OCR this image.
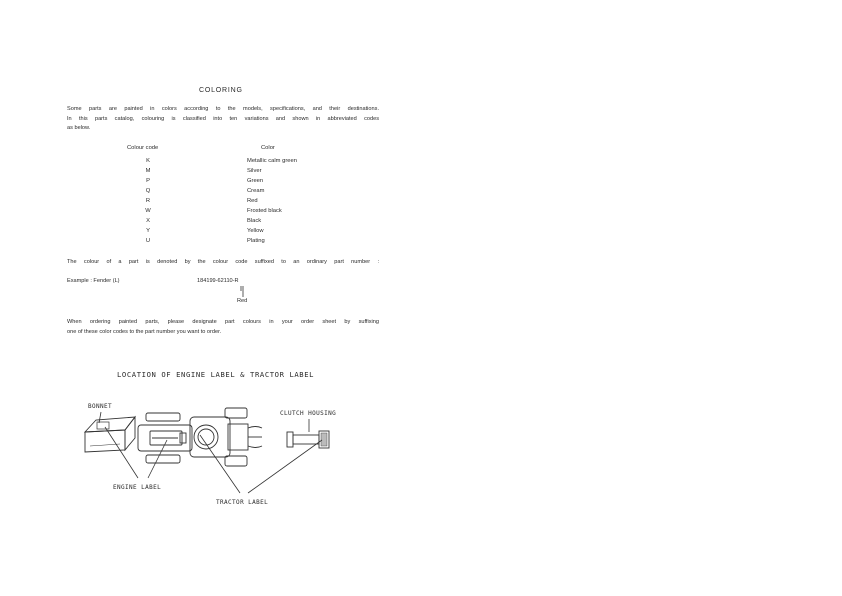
COLORING
Some parts are painted in colors according to the models, specifications, and their destinations.
In this parts catalog, colouring is classified into ten variations and shown in abbreviated codes
as below.
Colour code	Color
K	Metallic calm green
M	Silver
P	Green
Q	Cream
R	Red
W	Frosted black
X	Black
Y	Yellow
U	Plating
The colour of a part is denoted by the colour code suffixed to an ordinary part number :
Example : Fender (L)	184199-62110-R
Red
When ordering painted parts, please designate part colours in your order sheet by suffixing
one of these color codes to the part number you want to order.
LOCATION OF ENGINE LABEL & TRACTOR LABEL
BONNET
CLUTCH HOUSING
ENGINE LABEL
TRACTOR LABEL
